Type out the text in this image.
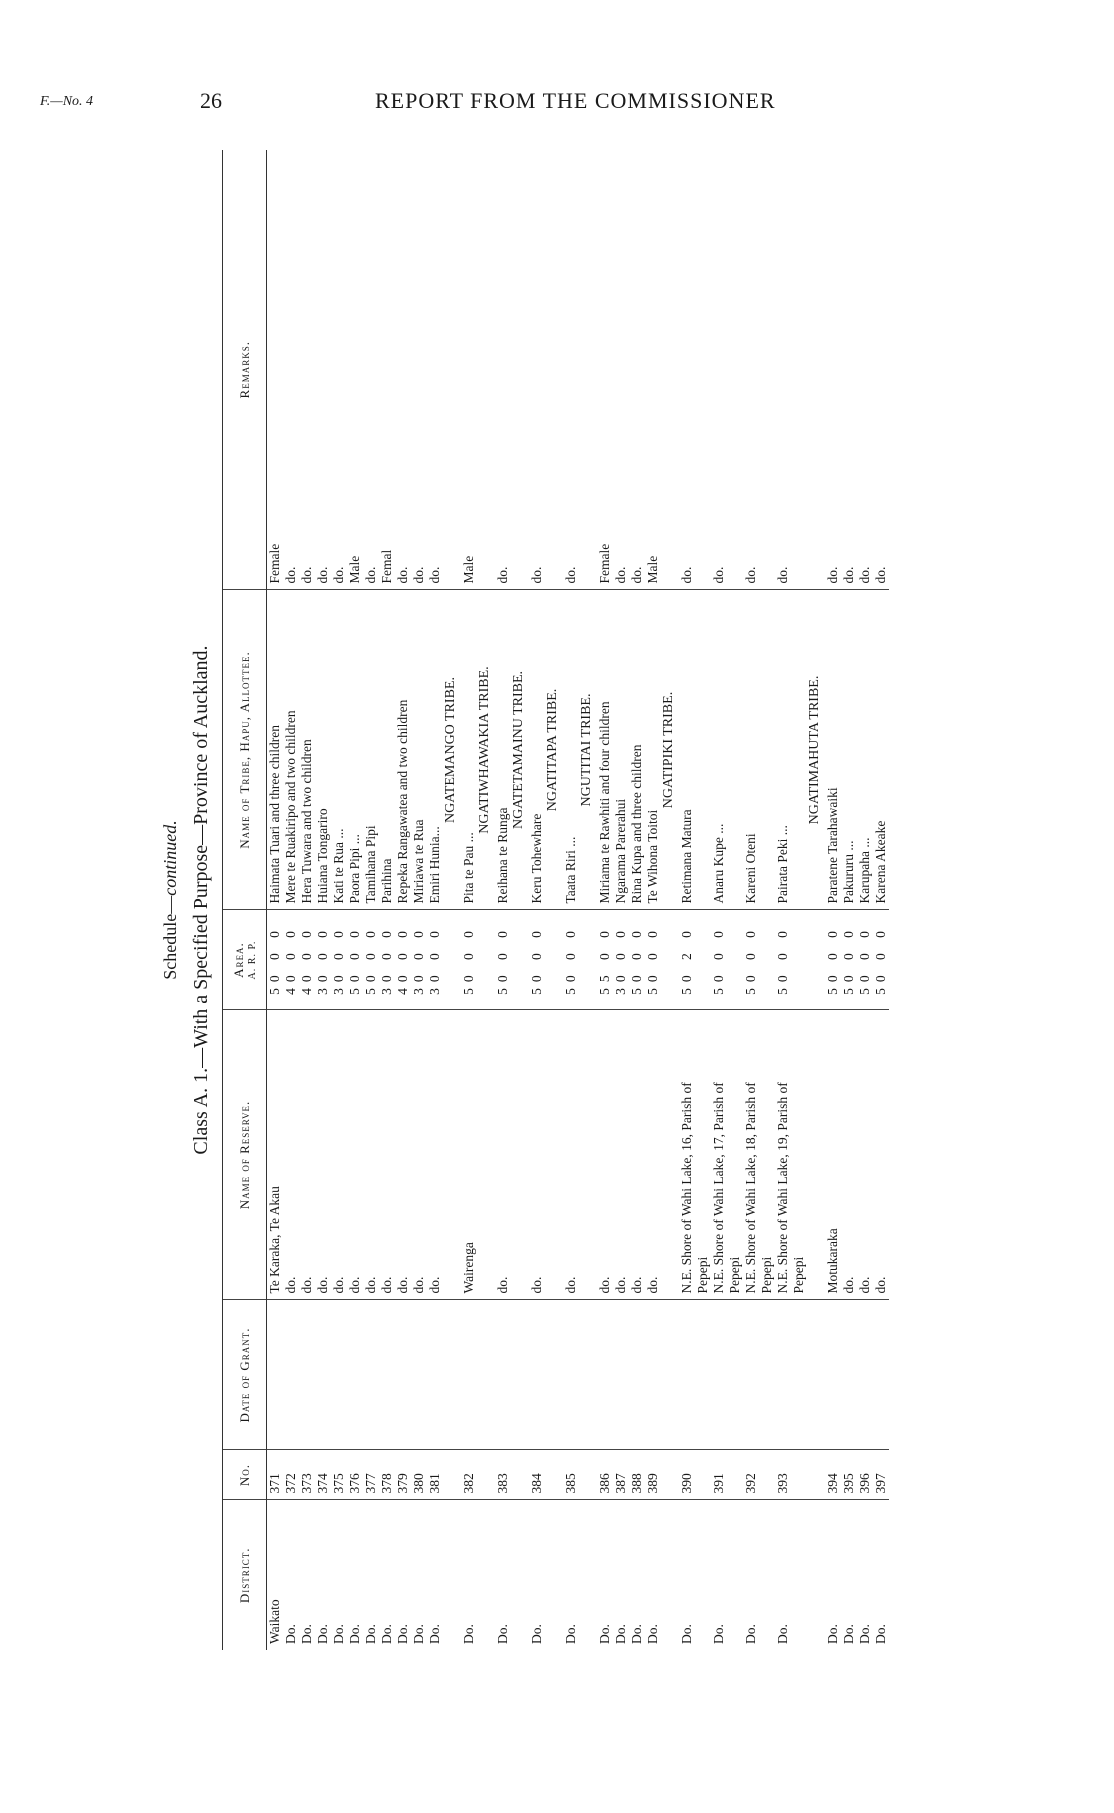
F.—No. 4	26	REPORT FROM THE COMMISSIONER
Schedule—continued. Class A. 1.—With a Specified Purpose—Province of Auckland.
District.	No.	Date of Grant.	Name of Reserve.	Area. A. R. P.	Name of Tribe, Hapu, Allottee.	Remarks.
Waikato	371		Te Karaka, Te Akau	50 0 0	Haimata Tuari and three children	Female
Do.	372		do.	40 0 0	Mere te Ruakiripo and two children	do.
Do.	373		do.	40 0 0	Hera Tuwara and two children	do.
Do.	374		do.	30 0 0	Huiana Tongariro	do.
Do.	375		do.	30 0 0	Kati te Rua ...	do.
Do.	376		do.	50 0 0	Paora Pipi ...	Male
Do.	377		do.	50 0 0	Tamihana Pipi	do.
Do.	378		do.	30 0 0	Parihina	Femal
Do.	379		do.	40 0 0	Repeka Rangawatea and two children	do.
Do.	380		do.	30 0 0	Miriawa te Rua	do.
Do.	381		do.	30 0 0	Emiri Hunia...	do.
					NGATEMANGO TRIBE.	
Do.	382		Wairenga	50 0 0	Pita te Pau ...	Male
					NGATIWHAWAKIA TRIBE.	
Do.	383		do.	50 0 0	Reihana te Runga	do.
					NGATETAMAINU TRIBE.	
Do.	384		do.	50 0 0	Keru Tohewhare	do.
					NGATITAPA TRIBE.	
Do.	385		do.	50 0 0	Taata Riri ...	do.
					NGUTITAI TRIBE.	
Do.	386		do.	55 0 0	Miriama te Rawhiti and four children	Female
Do.	387		do.	30 0 0	Ngarama Parerahui	do.
Do.	388		do.	50 0 0	Rina Kupa and three children	do.
Do.	389		do.	50 0 0	Te Wihona Toitoi	Male
					NGATIPIKI TRIBE.	
Do.	390		N.E. Shore of Wahi Lake, 16, Parish of	50 2 0	Retimana Matura	do.
			Pepepi			
Do.	391		N.E. Shore of Wahi Lake, 17, Parish of	50 0 0	Anaru Kupe ...	do.
			Pepepi			
Do.	392		N.E. Shore of Wahi Lake, 18, Parish of	50 0 0	Kareni Oteni	do.
			Pepepi			
Do.	393		N.E. Shore of Wahi Lake, 19, Parish of	50 0 0	Pairata Peki ...	do.
			Pepepi			
					NGATIMAHUTA TRIBE.	
Do.	394		Motukaraka	50 0 0	Paratene Tarahawaiki	do.
Do.	395		do.	50 0 0	Pakururu ...	do.
Do.	396		do.	50 0 0	Karupaha ...	do.
Do.	397		do.	50 0 0	Karena Akeake	do.
